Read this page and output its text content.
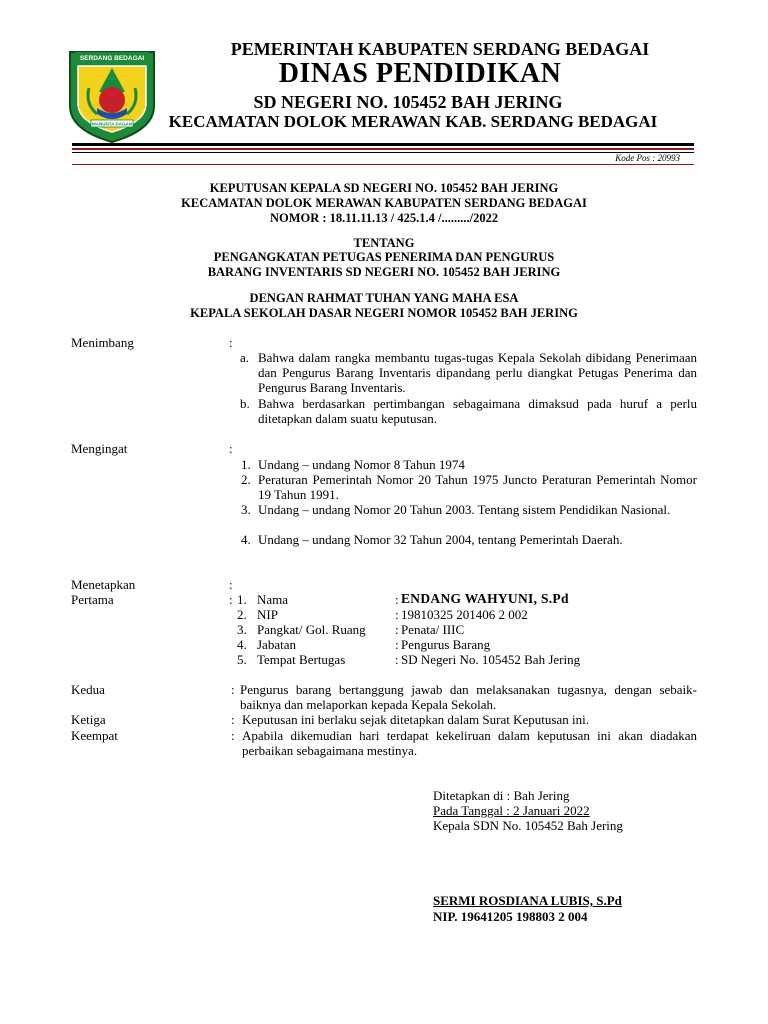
SERDANG BEDAGAI
MANUNTA DAGAN
PEMERINTAH KABUPATEN SERDANG BEDAGAI
DINAS PENDIDIKAN
SD NEGERI NO. 105452 BAH JERING
KECAMATAN DOLOK MERAWAN KAB. SERDANG BEDAGAI
Kode Pos : 20993
KEPUTUSAN KEPALA SD NEGERI NO. 105452 BAH JERING
KECAMATAN DOLOK MERAWAN KABUPATEN SERDANG BEDAGAI
NOMOR : 18.11.11.13 / 425.1.4 /........./2022
TENTANG
PENGANGKATAN PETUGAS PENERIMA DAN PENGURUS
BARANG INVENTARIS SD NEGERI NO. 105452 BAH JERING
DENGAN RAHMAT TUHAN YANG MAHA ESA
KEPALA SEKOLAH DASAR NEGERI NOMOR 105452 BAH JERING
Menimbang	:
a. Bahwa dalam rangka membantu tugas-tugas Kepala Sekolah dibidang Penerimaan dan Pengurus Barang Inventaris dipandang perlu diangkat Petugas Penerima dan Pengurus Barang Inventaris.
b. Bahwa berdasarkan pertimbangan sebagaimana dimaksud pada huruf a perlu ditetapkan dalam suatu keputusan.
Mengingat	:
1. Undang – undang Nomor 8 Tahun 1974
2. Peraturan Pemerintah Nomor 20 Tahun 1975 Juncto Peraturan Pemerintah Nomor 19 Tahun 1991.
3. Undang – undang Nomor 20 Tahun 2003. Tentang sistem Pendidikan Nasional.
4. Undang – undang Nomor 32 Tahun 2004, tentang Pemerintah Daerah.
Menetapkan	:
Pertama	: 1. Nama	: ENDANG WAHYUNI, S.Pd
2. NIP	: 19810325 201406 2 002
3. Pangkat/ Gol. Ruang : Penata/ IIIC
4. Jabatan	: Pengurus Barang
5. Tempat Bertugas	: SD Negeri No. 105452 Bah Jering
Kedua	: Pengurus barang bertanggung jawab dan melaksanakan tugasnya, dengan sebaik-baiknya dan melaporkan kepada Kepala Sekolah.
Ketiga	: Keputusan ini berlaku sejak ditetapkan dalam Surat Keputusan ini.
Keempat	: Apabila dikemudian hari terdapat kekeliruan dalam keputusan ini akan diadakan perbaikan sebagaimana mestinya.
Ditetapkan di : Bah Jering
Pada Tanggal : 2 Januari 2022
Kepala SDN No. 105452 Bah Jering
SERMI ROSDIANA LUBIS, S.Pd
NIP. 19641205 198803 2 004
